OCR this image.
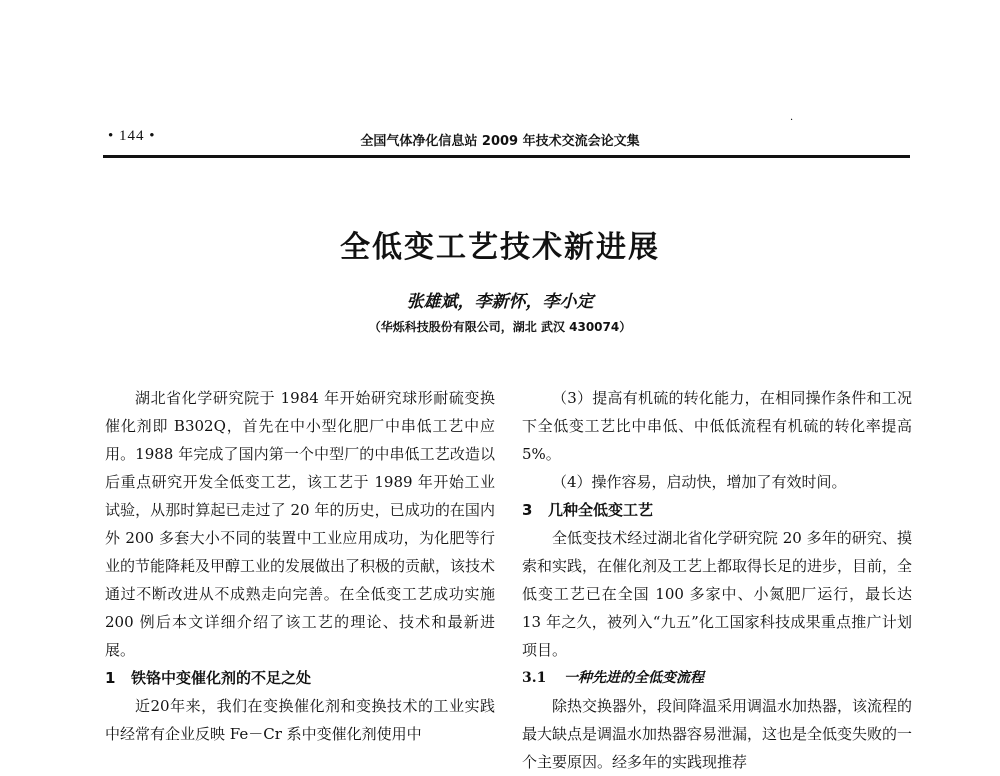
·
• 144 •	全国气体净化信息站 2009 年技术交流会论文集
全低变工艺技术新进展
张雄斌，李新怀，李小定
（华烁科技股份有限公司，湖北 武汉 430074）

湖北省化学研究院于 1984 年开始研究球形耐硫变换催化剂即 B302Q，首先在中小型化肥厂中串低工艺中应用。1988 年完成了国内第一个中型厂的中串低工艺改造以后重点研究开发全低变工艺，该工艺于 1989 年开始工业试验，从那时算起已走过了 20 年的历史，已成功的在国内外 200 多套大小不同的装置中工业应用成功，为化肥等行业的节能降耗及甲醇工业的发展做出了积极的贡献，该技术通过不断改进从不成熟走向完善。在全低变工艺成功实施 200 例后本文详细介绍了该工艺的理论、技术和最新进展。

1 铁铬中变催化剂的不足之处

近20年来，我们在变换催化剂和变换技术的工业实践中经常有企业反映 Fe－Cr 系中变催化剂使用中

（3）提高有机硫的转化能力，在相同操作条件和工况下全低变工艺比中串低、中低低流程有机硫的转化率提高 5%。

（4）操作容易，启动快，增加了有效时间。

3 几种全低变工艺

全低变技术经过湖北省化学研究院 20 多年的研究、摸索和实践，在催化剂及工艺上都取得长足的进步，目前，全低变工艺已在全国 100 多家中、小氮肥厂运行，最长达 13 年之久，被列入“九五”化工国家科技成果重点推广计划项目。

3.1 一种先进的全低变流程

除热交换器外，段间降温采用调温水加热器，该流程的最大缺点是调温水加热器容易泄漏，这也是全低变失败的一个主要原因。经多年的实践现推荐
